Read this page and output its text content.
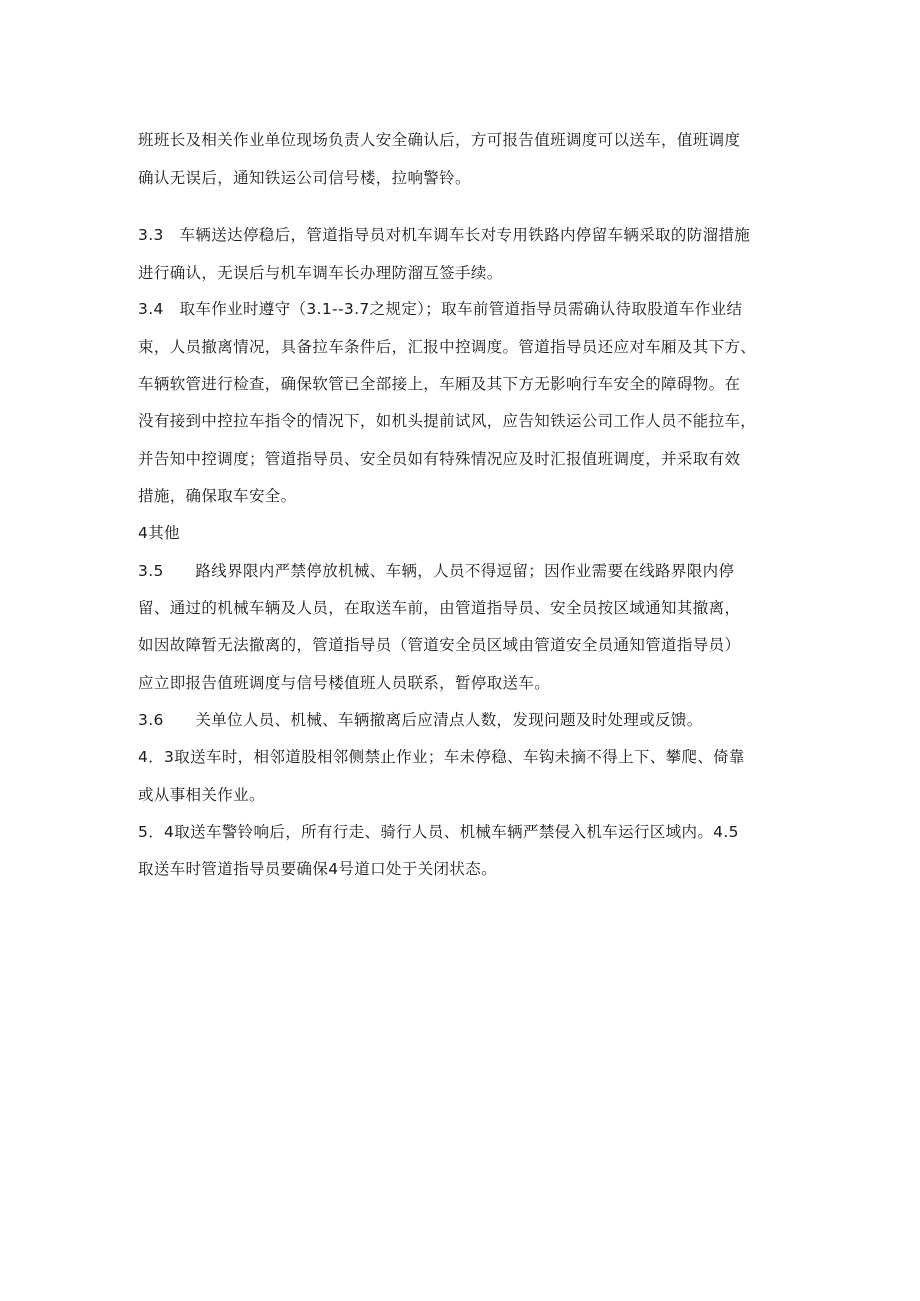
班班长及相关作业单位现场负责人安全确认后，方可报告值班调度可以送车，值班调度
确认无误后，通知铁运公司信号楼，拉响警铃。
3.3　车辆送达停稳后，管道指导员对机车调车长对专用铁路内停留车辆采取的防溜措施
进行确认，无误后与机车调车长办理防溜互签手续。
3.4　取车作业时遵守（3.1--3.7之规定）；取车前管道指导员需确认待取股道车作业结
束，人员撤离情况，具备拉车条件后，汇报中控调度。管道指导员还应对车厢及其下方、
车辆软管进行检查，确保软管已全部接上，车厢及其下方无影响行车安全的障碍物。在
没有接到中控拉车指令的情况下，如机头提前试风，应告知铁运公司工作人员不能拉车，
并告知中控调度；管道指导员、安全员如有特殊情况应及时汇报值班调度，并采取有效
措施，确保取车安全。
4其他
3.5　　路线界限内严禁停放机械、车辆，人员不得逗留；因作业需要在线路界限内停
留、通过的机械车辆及人员，在取送车前，由管道指导员、安全员按区域通知其撤离，
如因故障暂无法撤离的，管道指导员（管道安全员区域由管道安全员通知管道指导员）
应立即报告值班调度与信号楼值班人员联系，暂停取送车。
3.6　　关单位人员、机械、车辆撤离后应清点人数，发现问题及时处理或反馈。
4．3取送车时，相邻道股相邻侧禁止作业；车未停稳、车钩未摘不得上下、攀爬、倚靠
或从事相关作业。
5．4取送车警铃响后，所有行走、骑行人员、机械车辆严禁侵入机车运行区域内。4.5
取送车时管道指导员要确保4号道口处于关闭状态。
